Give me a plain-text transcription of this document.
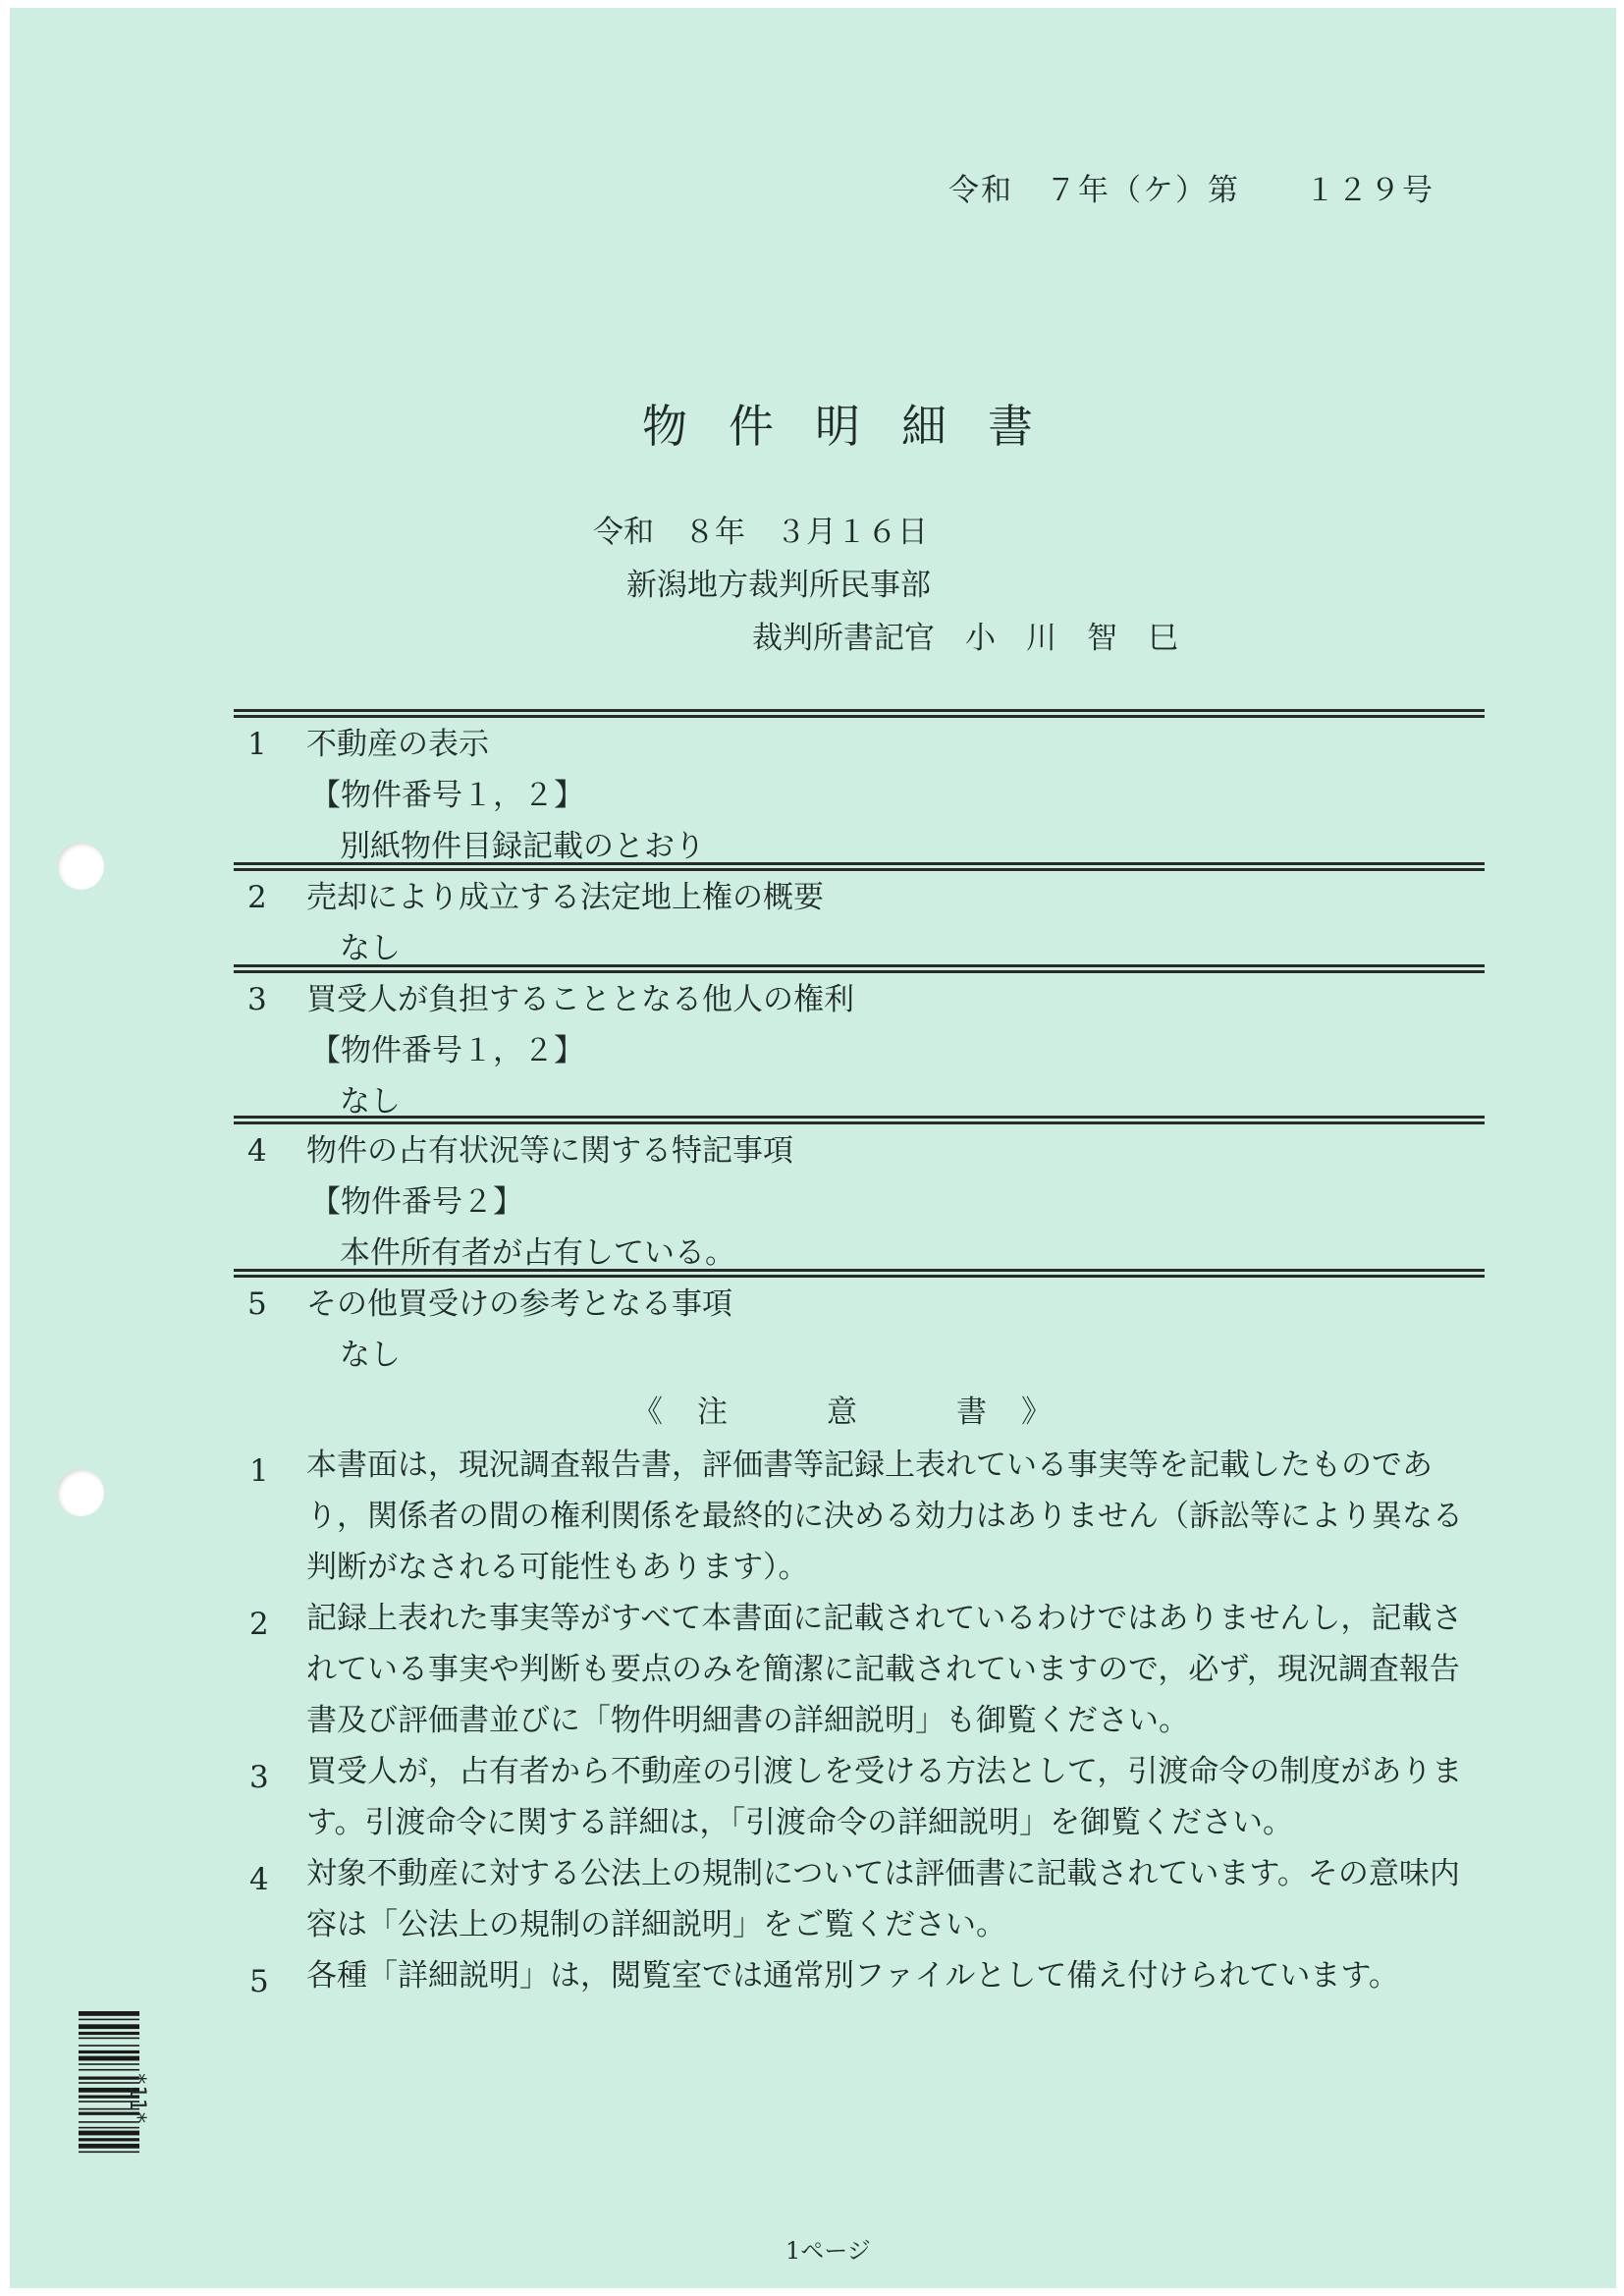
令和　７年（ケ）第　　１２９号
物件明細書
令和　８年　３月１６日
新潟地方裁判所民事部
裁判所書記官　小　川　智　巳
1 不動産の表示
【物件番号１，２】
別紙物件目録記載のとおり
2 売却により成立する法定地上権の概要
なし
3 買受人が負担することとなる他人の権利
【物件番号１，２】
なし
4 物件の占有状況等に関する特記事項
【物件番号２】
本件所有者が占有している。
5 その他買受けの参考となる事項
なし
《　注　　　意　　　書　》
1 本書面は，現況調査報告書，評価書等記録上表れている事実等を記載したものであり，関係者の間の権利関係を最終的に決める効力はありません（訴訟等により異なる判断がなされる可能性もあります）。
2 記録上表れた事実等がすべて本書面に記載されているわけではありませんし，記載されている事実や判断も要点のみを簡潔に記載されていますので，必ず，現況調査報告書及び評価書並びに「物件明細書の詳細説明」も御覧ください。
3 買受人が，占有者から不動産の引渡しを受ける方法として，引渡命令の制度があります。引渡命令に関する詳細は，「引渡命令の詳細説明」を御覧ください。
4 対象不動産に対する公法上の規制については評価書に記載されています。その意味内容は「公法上の規制の詳細説明」をご覧ください。
5 各種「詳細説明」は，閲覧室では通常別ファイルとして備え付けられています。
*11*
1ページ
